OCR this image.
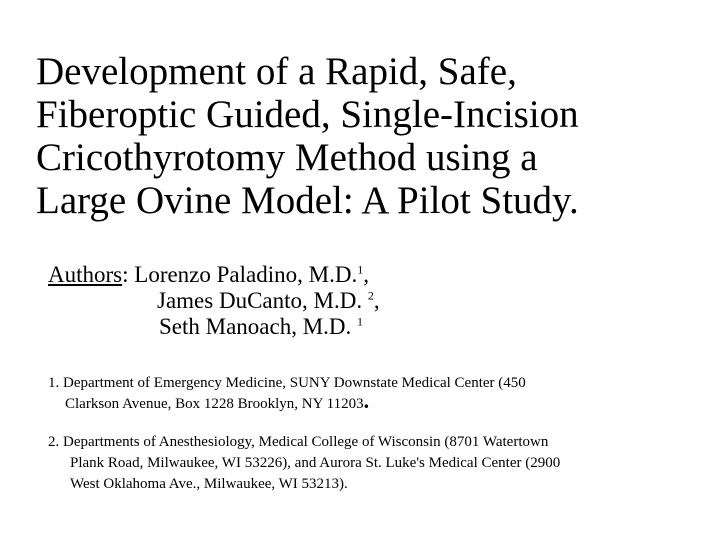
Development of a Rapid, Safe,
Fiberoptic Guided, Single-Incision
Cricothyrotomy Method using a
Large Ovine Model: A Pilot Study.
Authors: Lorenzo Paladino, M.D.$^1$,
James DuCanto, M.D. $^2$,
Seth Manoach, M.D. $^1$
1. Department of Emergency Medicine, SUNY Downstate Medical Center (450
Clarkson Avenue, Box 1228 Brooklyn, NY 11203.
2. Departments of Anesthesiology, Medical College of Wisconsin (8701 Watertown
Plank Road, Milwaukee, WI 53226), and Aurora St. Luke's Medical Center (2900
West Oklahoma Ave., Milwaukee, WI 53213).
